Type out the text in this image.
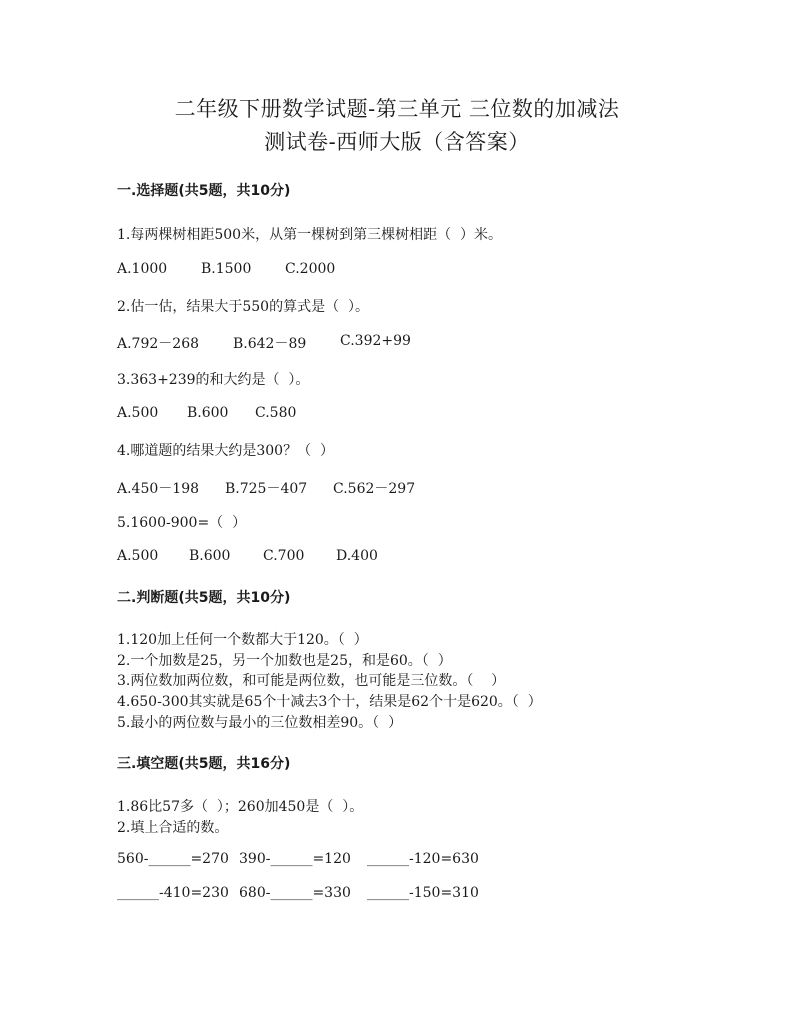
二年级下册数学试题-第三单元 三位数的加减法
测试卷-西师大版（含答案）
一.选择题(共5题，共10分)
1.每两棵树相距500米，从第一棵树到第三棵树相距（  ）米。
A.1000 B.1500 C.2000
2.估一估，结果大于550的算式是（  ）。
A.792－268 B.642－89 C.392+99
3.363+239的和大约是（  ）。
A.500 B.600 C.580
4.哪道题的结果大约是300？（  ）
A.450－198 B.725－407 C.562－297
5.1600-900=（  ）
A.500 B.600 C.700 D.400
二.判断题(共5题，共10分)
1.120加上任何一个数都大于120。（  ）
2.一个加数是25，另一个加数也是25，和是60。（  ）
3.两位数加两位数，和可能是两位数，也可能是三位数。（    ）
4.650-300其实就是65个十减去3个十，结果是62个十是620。（  ）
5.最小的两位数与最小的三位数相差90。（  ）
三.填空题(共5题，共16分)
1.86比57多（  ）；260加450是（  ）。
2.填上合适的数。
560-______=270 390-______=120 ______-120=630
______-410=230 680-______=330 ______-150=310
